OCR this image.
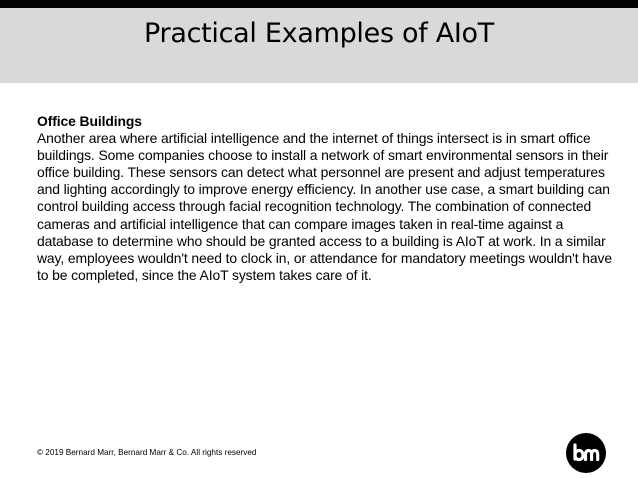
Practical Examples of AIoT
Office Buildings
Another area where artificial intelligence and the internet of things intersect is in smart office buildings. Some companies choose to install a network of smart environmental sensors in their office building. These sensors can detect what personnel are present and adjust temperatures and lighting accordingly to improve energy efficiency. In another use case, a smart building can control building access through facial recognition technology. The combination of connected cameras and artificial intelligence that can compare images taken in real-time against a database to determine who should be granted access to a building is AIoT at work. In a similar way, employees wouldn't need to clock in, or attendance for mandatory meetings wouldn't have to be completed, since the AIoT system takes care of it.
© 2019 Bernard Marr, Bernard Marr & Co. All rights reserved
